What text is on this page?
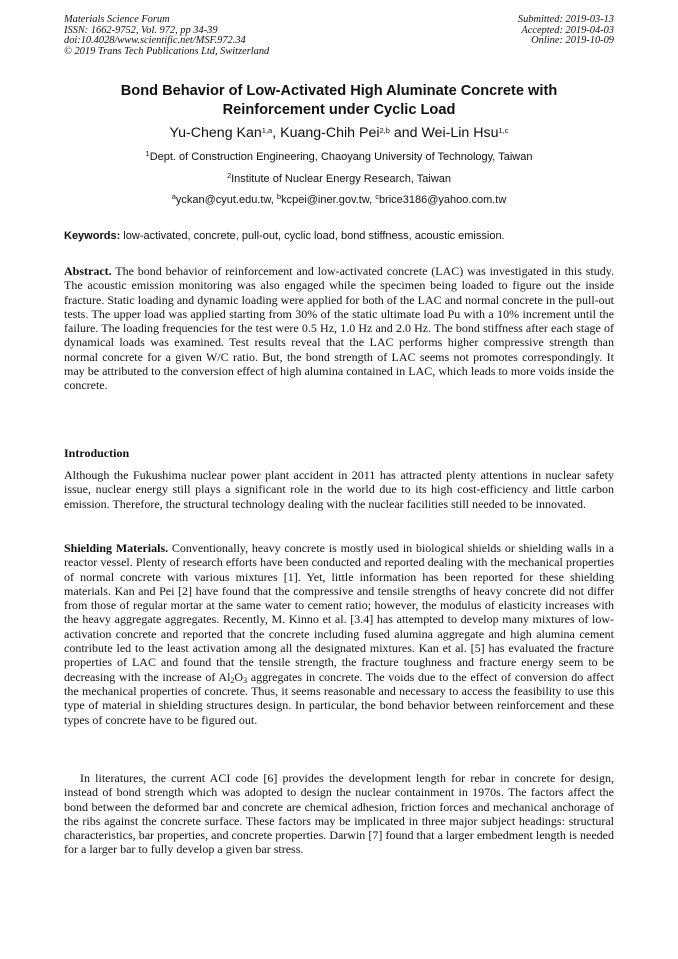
Materials Science Forum
ISSN: 1662-9752, Vol. 972, pp 34-39
doi:10.4028/www.scientific.net/MSF.972.34
© 2019 Trans Tech Publications Ltd, Switzerland
Submitted: 2019-03-13
Accepted: 2019-04-03
Online: 2019-10-09
Bond Behavior of Low-Activated High Aluminate Concrete with
Reinforcement under Cyclic Load
Yu-Cheng Kan$^{1,a}$, Kuang-Chih Pei$^{2,b}$ and Wei-Lin Hsu$^{1,c}$
$^1$Dept. of Construction Engineering, Chaoyang University of Technology, Taiwan
$^2$Institute of Nuclear Energy Research, Taiwan
$^a$yckan@cyut.edu.tw, $^b$kcpei@iner.gov.tw, $^c$brice3186@yahoo.com.tw
Keywords: low-activated, concrete, pull-out, cyclic load, bond stiffness, acoustic emission.
Abstract. The bond behavior of reinforcement and low-activated concrete (LAC) was investigated in this study. The acoustic emission monitoring was also engaged while the specimen being loaded to figure out the inside fracture. Static loading and dynamic loading were applied for both of the LAC and normal concrete in the pull-out tests. The upper load was applied starting from 30% of the static ultimate load Pu with a 10% increment until the failure. The loading frequencies for the test were 0.5 Hz, 1.0 Hz and 2.0 Hz. The bond stiffness after each stage of dynamical loads was examined. Test results reveal that the LAC performs higher compressive strength than normal concrete for a given W/C ratio. But, the bond strength of LAC seems not promotes correspondingly. It may be attributed to the conversion effect of high alumina contained in LAC, which leads to more voids inside the concrete.
Introduction
Although the Fukushima nuclear power plant accident in 2011 has attracted plenty attentions in nuclear safety issue, nuclear energy still plays a significant role in the world due to its high cost-efficiency and little carbon emission. Therefore, the structural technology dealing with the nuclear facilities still needed to be innovated.
Shielding Materials. Conventionally, heavy concrete is mostly used in biological shields or shielding walls in a reactor vessel. Plenty of research efforts have been conducted and reported dealing with the mechanical properties of normal concrete with various mixtures [1]. Yet, little information has been reported for these shielding materials. Kan and Pei [2] have found that the compressive and tensile strengths of heavy concrete did not differ from those of regular mortar at the same water to cement ratio; however, the modulus of elasticity increases with the heavy aggregate aggregates. Recently, M. Kinno et al. [3.4] has attempted to develop many mixtures of low-activation concrete and reported that the concrete including fused alumina aggregate and high alumina cement contribute led to the least activation among all the designated mixtures. Kan et al. [5] has evaluated the fracture properties of LAC and found that the tensile strength, the fracture toughness and fracture energy seem to be decreasing with the increase of $Al_2O_3$ aggregates in concrete. The voids due to the effect of conversion do affect the mechanical properties of concrete. Thus, it seems reasonable and necessary to access the feasibility to use this type of material in shielding structures design. In particular, the bond behavior between reinforcement and these types of concrete have to be figured out.
In literatures, the current ACI code [6] provides the development length for rebar in concrete for design, instead of bond strength which was adopted to design the nuclear containment in 1970s. The factors affect the bond between the deformed bar and concrete are chemical adhesion, friction forces and mechanical anchorage of the ribs against the concrete surface. These factors may be implicated in three major subject headings: structural characteristics, bar properties, and concrete properties. Darwin [7] found that a larger embedment length is needed for a larger bar to fully develop a given bar stress.
